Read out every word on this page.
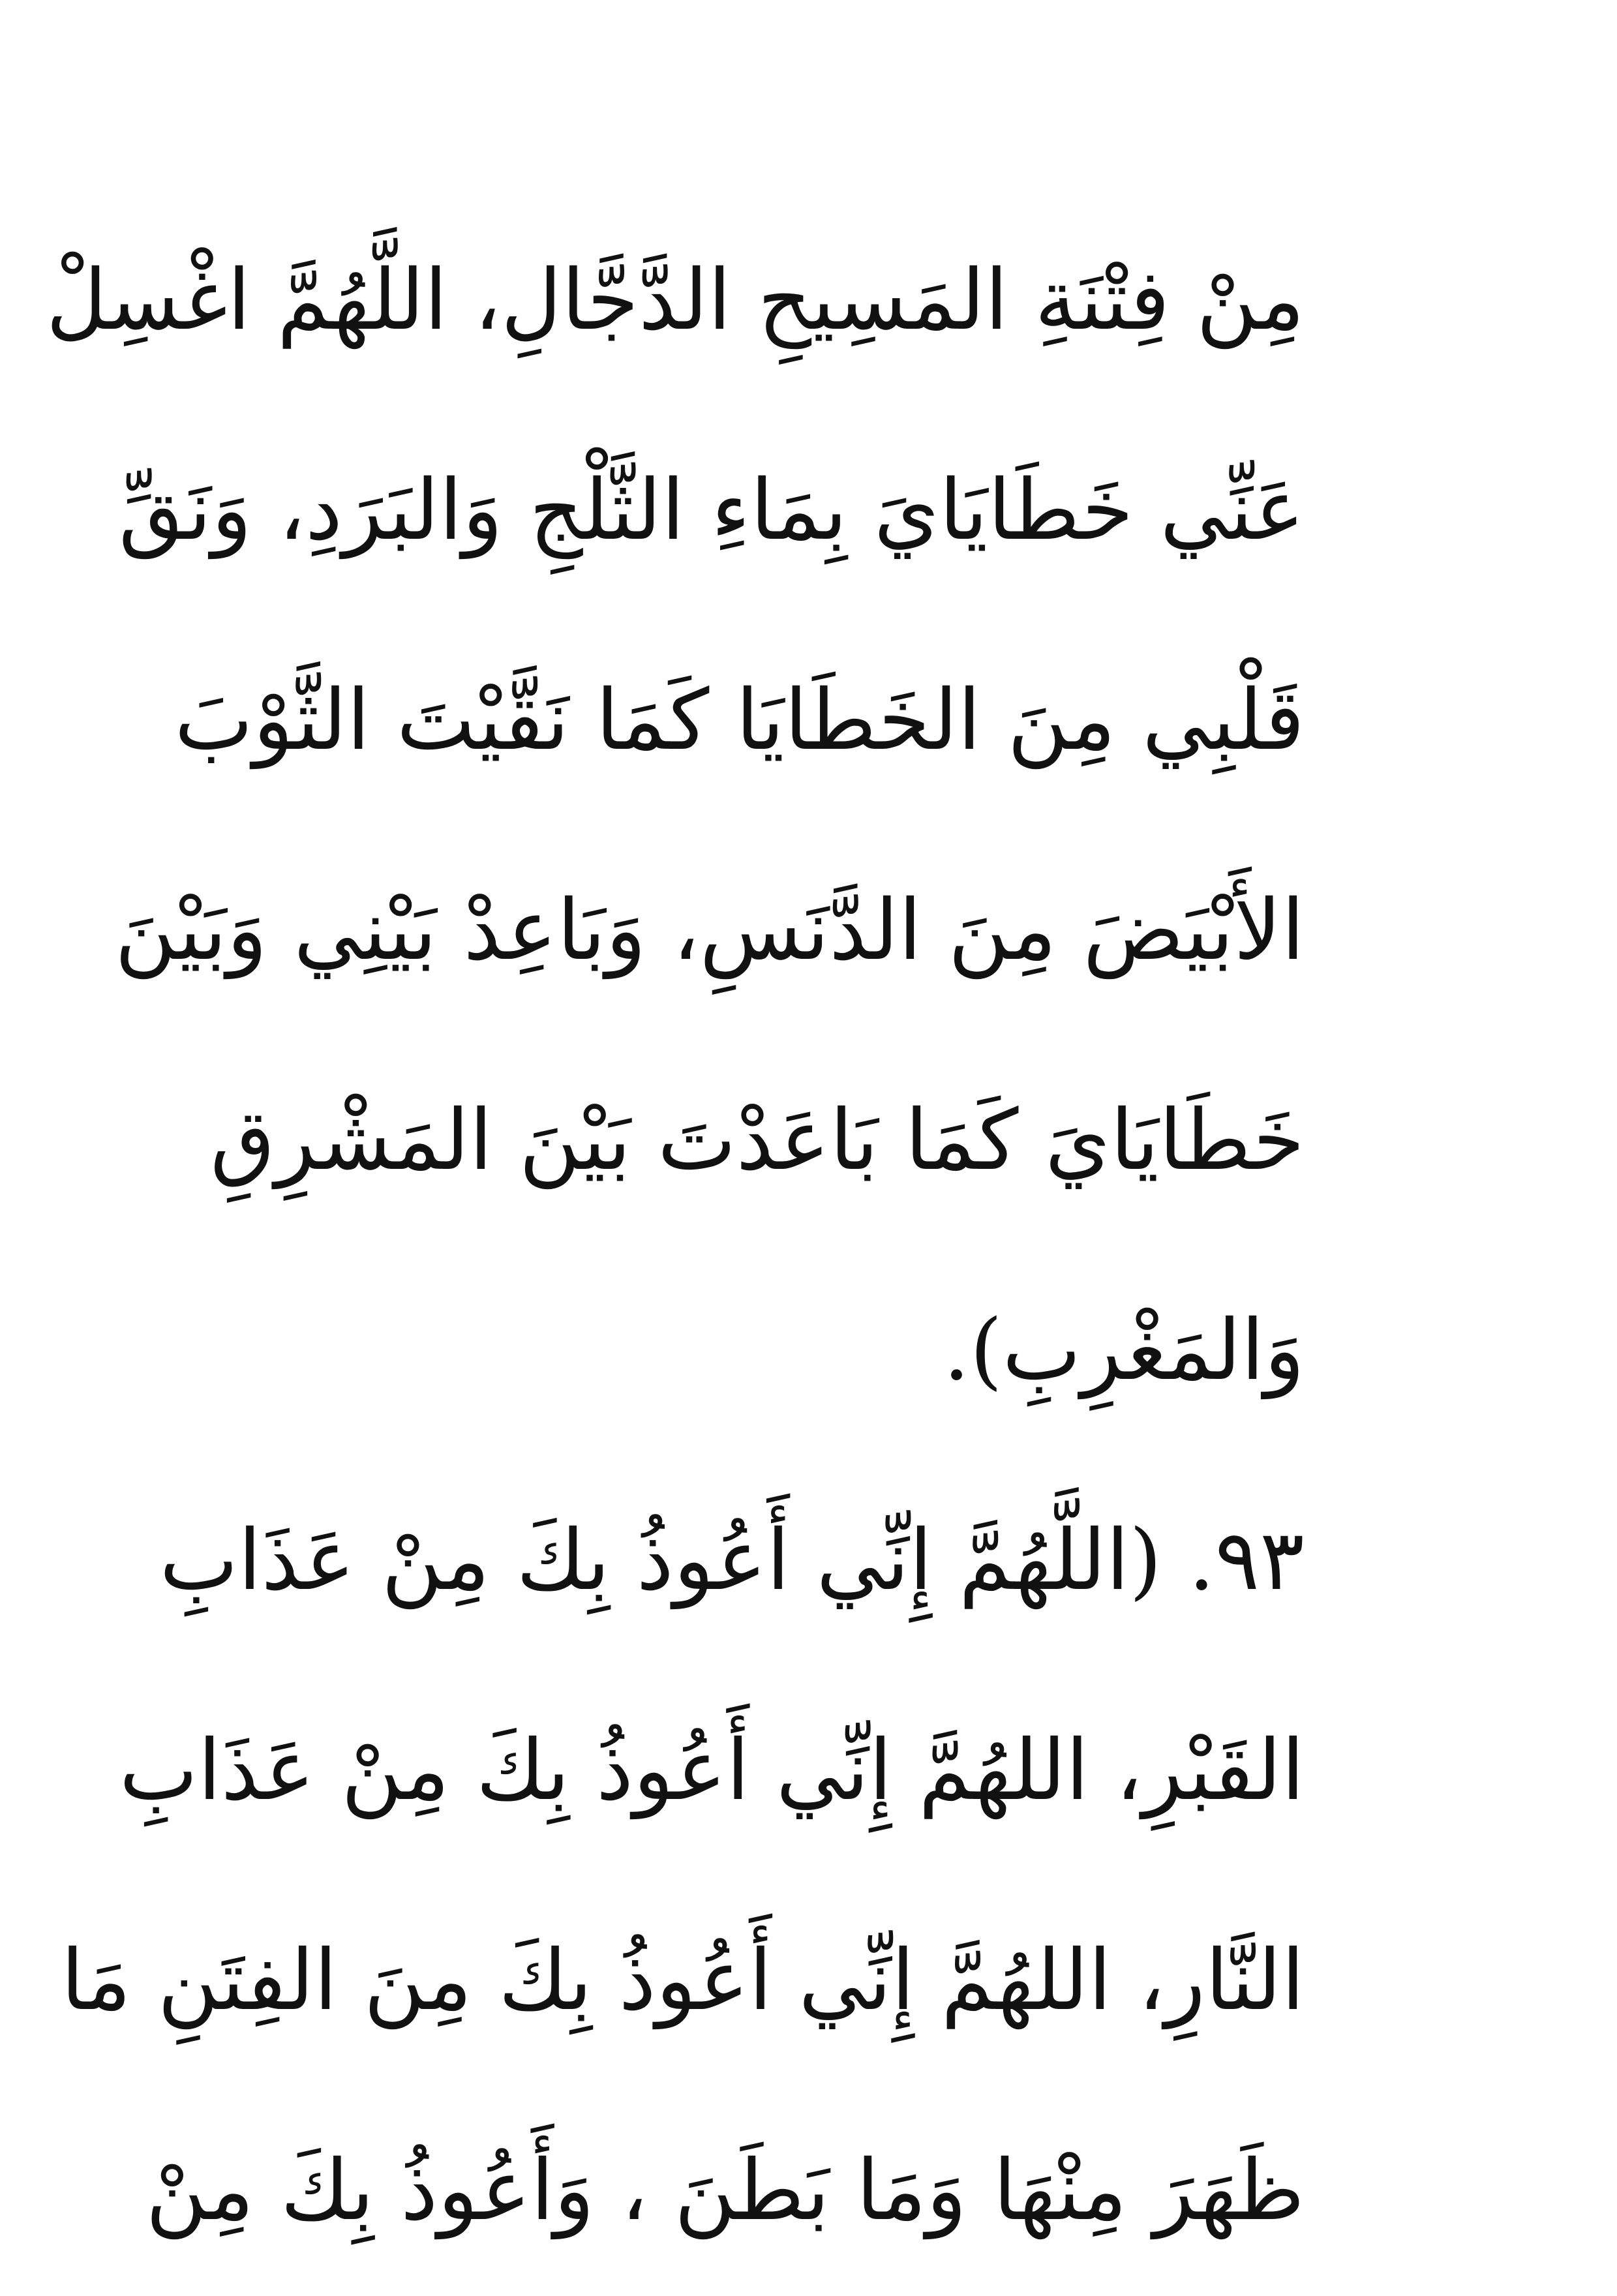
مِنْ فِتْنَةِ المَسِيحِ الدَّجَّالِ، اللَّهُمَّ اغْسِلْ
عَنِّي خَطَايَايَ بِمَاءِ الثَّلْجِ وَالبَرَدِ، وَنَقِّ
قَلْبِي مِنَ الخَطَايَا كَمَا نَقَّيْتَ الثَّوْبَ
الأَبْيَضَ مِنَ الدَّنَسِ، وَبَاعِدْ بَيْنِي وَبَيْنَ
خَطَايَايَ كَمَا بَاعَدْتَ بَيْنَ المَشْرِقِ
وَالمَغْرِبِ).
٩٣. (اللَّهُمَّ إِنِّي أَعُوذُ بِكَ مِنْ عَذَابِ
القَبْرِ، اللهُمَّ إِنِّي أَعُوذُ بِكَ مِنْ عَذَابِ
النَّارِ، اللهُمَّ إِنِّي أَعُوذُ بِكَ مِنَ الفِتَنِ مَا
ظَهَرَ مِنْهَا وَمَا بَطَنَ ، وَأَعُوذُ بِكَ مِنْ
